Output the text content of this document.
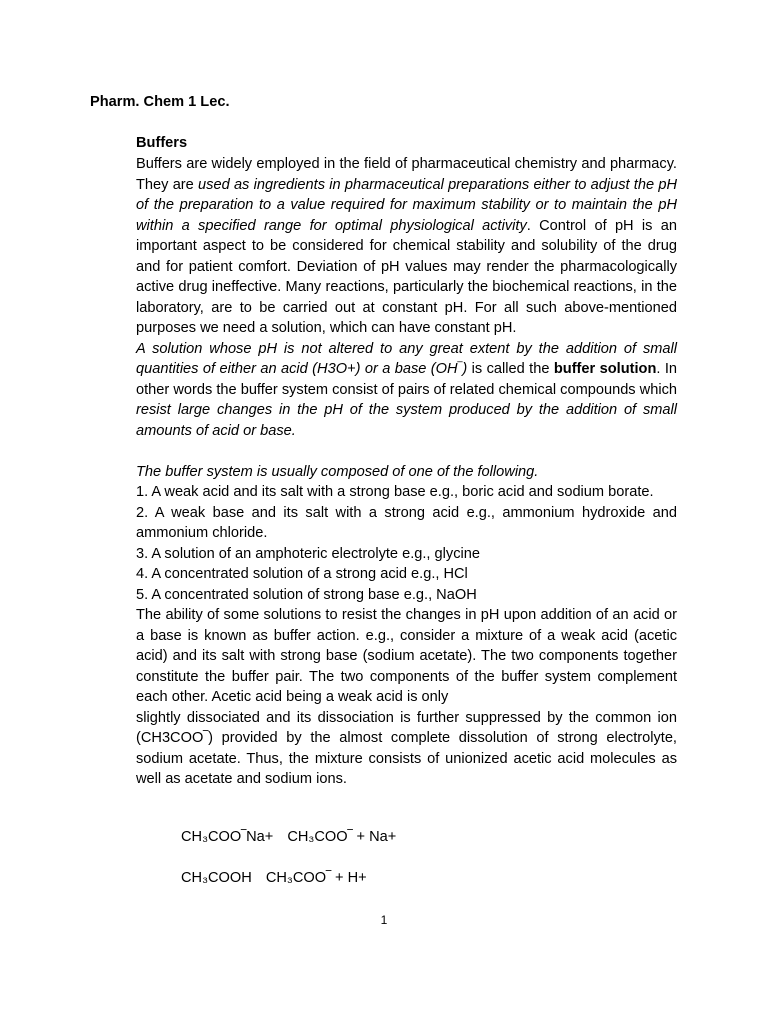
Pharm. Chem 1 Lec.

Buffers

Buffers are widely employed in the field of pharmaceutical chemistry and pharmacy. They are used as ingredients in pharmaceutical preparations either to adjust the pH of the preparation to a value required for maximum stability or to maintain the pH within a specified range for optimal physiological activity. Control of pH is an important aspect to be considered for chemical stability and solubility of the drug and for patient comfort. Deviation of pH values may render the pharmacologically active drug ineffective. Many reactions, particularly the biochemical reactions, in the laboratory, are to be carried out at constant pH. For all such above-mentioned purposes we need a solution, which can have constant pH.

A solution whose pH is not altered to any great extent by the addition of small quantities of either an acid (H3O+) or a base (OH‾) is called the buffer solution. In other words the buffer system consist of pairs of related chemical compounds which resist large changes in the pH of the system produced by the addition of small amounts of acid or base.

The buffer system is usually composed of one of the following.

1. A weak acid and its salt with a strong base e.g., boric acid and sodium borate.

2. A weak base and its salt with a strong acid e.g., ammonium hydroxide and ammonium chloride.

3. A solution of an amphoteric electrolyte e.g., glycine

4. A concentrated solution of a strong acid e.g., HCl

5. A concentrated solution of strong base e.g., NaOH

The ability of some solutions to resist the changes in pH upon addition of an acid or a base is known as buffer action. e.g., consider a mixture of a weak acid (acetic acid) and its salt with strong base (sodium acetate). The two components together constitute the buffer pair. The two components of the buffer system complement each other. Acetic acid being a weak acid is only

slightly dissociated and its dissociation is further suppressed by the common ion (CH3COO‾) provided by the almost complete dissolution of strong electrolyte, sodium acetate. Thus, the mixture consists of unionized acetic acid molecules as well as acetate and sodium ions.

CH₃COO‾Na+ CH₃COO‾ + Na+
CH₃COOH CH₃COO‾ + H+
1
